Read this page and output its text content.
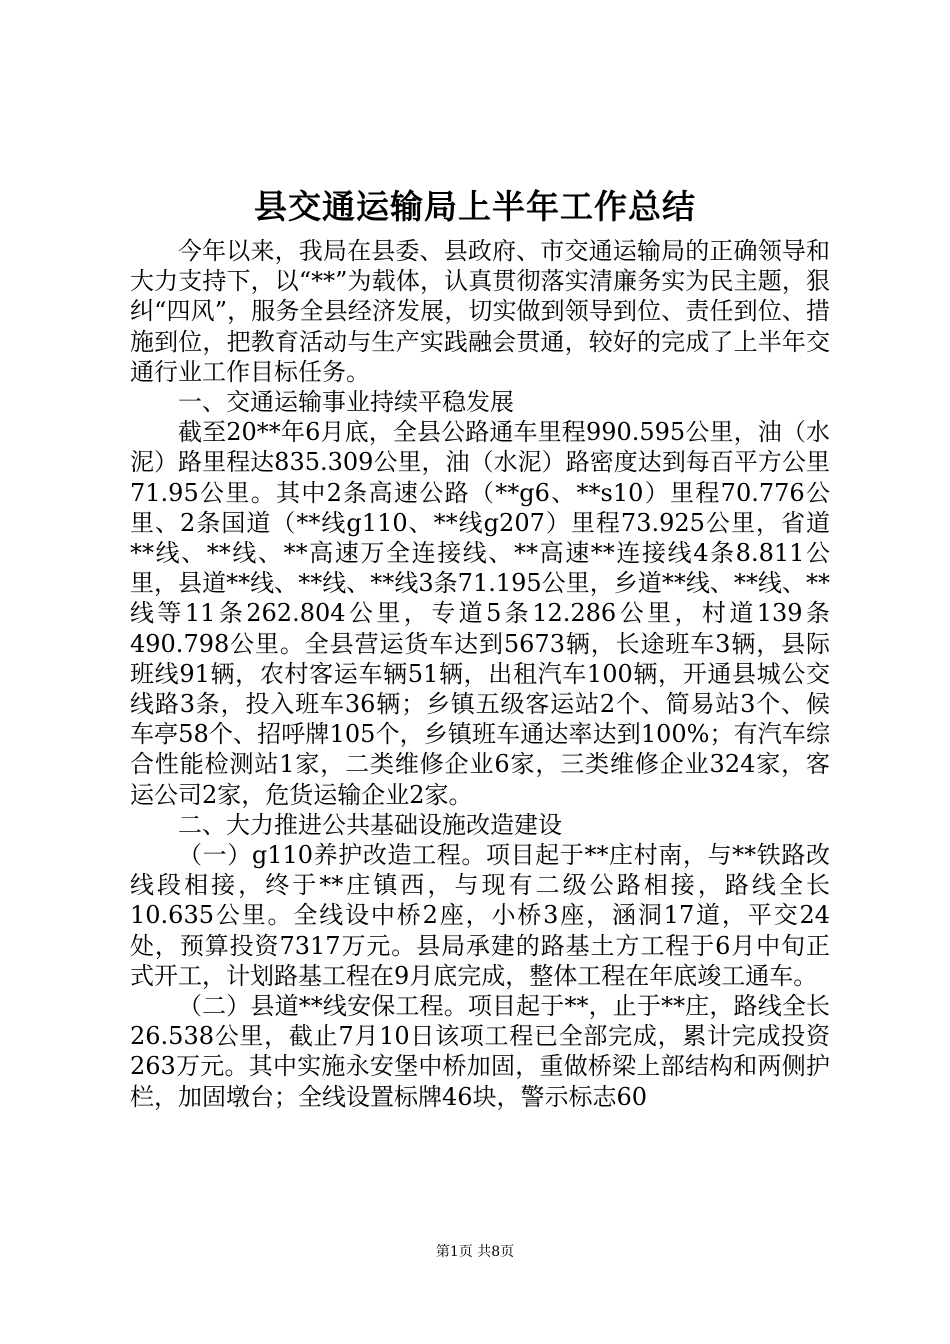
县交通运输局上半年工作总结

今年以来，我局在县委、县政府、市交通运输局的正确领导和大力支持下，以“**”为载体，认真贯彻落实清廉务实为民主题，狠纠“四风”，服务全县经济发展，切实做到领导到位、责任到位、措施到位，把教育活动与生产实践融会贯通，较好的完成了上半年交通行业工作目标任务。

一、交通运输事业持续平稳发展

截至20**年6月底，全县公路通车里程990.595公里，油（水泥）路里程达835.309公里，油（水泥）路密度达到每百平方公里71.95公里。其中2条高速公路（**g6、**s10）里程70.776公里、2条国道（**线g110、**线g207）里程73.925公里，省道**线、**线、**高速万全连接线、**高速**连接线4条8.811公里，县道**线、**线、**线3条71.195公里，乡道**线、**线、**线等11条262.804公里，专道5条12.286公里，村道139条490.798公里。全县营运货车达到5673辆，长途班车3辆，县际班线91辆，农村客运车辆51辆，出租汽车100辆，开通县城公交线路3条，投入班车36辆；乡镇五级客运站2个、简易站3个、候车亭58个、招呼牌105个，乡镇班车通达率达到100%；有汽车综合性能检测站1家，二类维修企业6家，三类维修企业324家，客运公司2家，危货运输企业2家。

二、大力推进公共基础设施改造建设

（一）g110养护改造工程。项目起于**庄村南，与**铁路改线段相接，终于**庄镇西，与现有二级公路相接，路线全长10.635公里。全线设中桥2座，小桥3座，涵洞17道，平交24处，预算投资7317万元。县局承建的路基土方工程于6月中旬正式开工，计划路基工程在9月底完成，整体工程在年底竣工通车。

（二）县道**线安保工程。项目起于**，止于**庄，路线全长26.538公里，截止7月10日该项工程已全部完成，累计完成投资263万元。其中实施永安堡中桥加固，重做桥梁上部结构和两侧护栏，加固墩台；全线设置标牌46块，警示标志60

第1页 共8页
